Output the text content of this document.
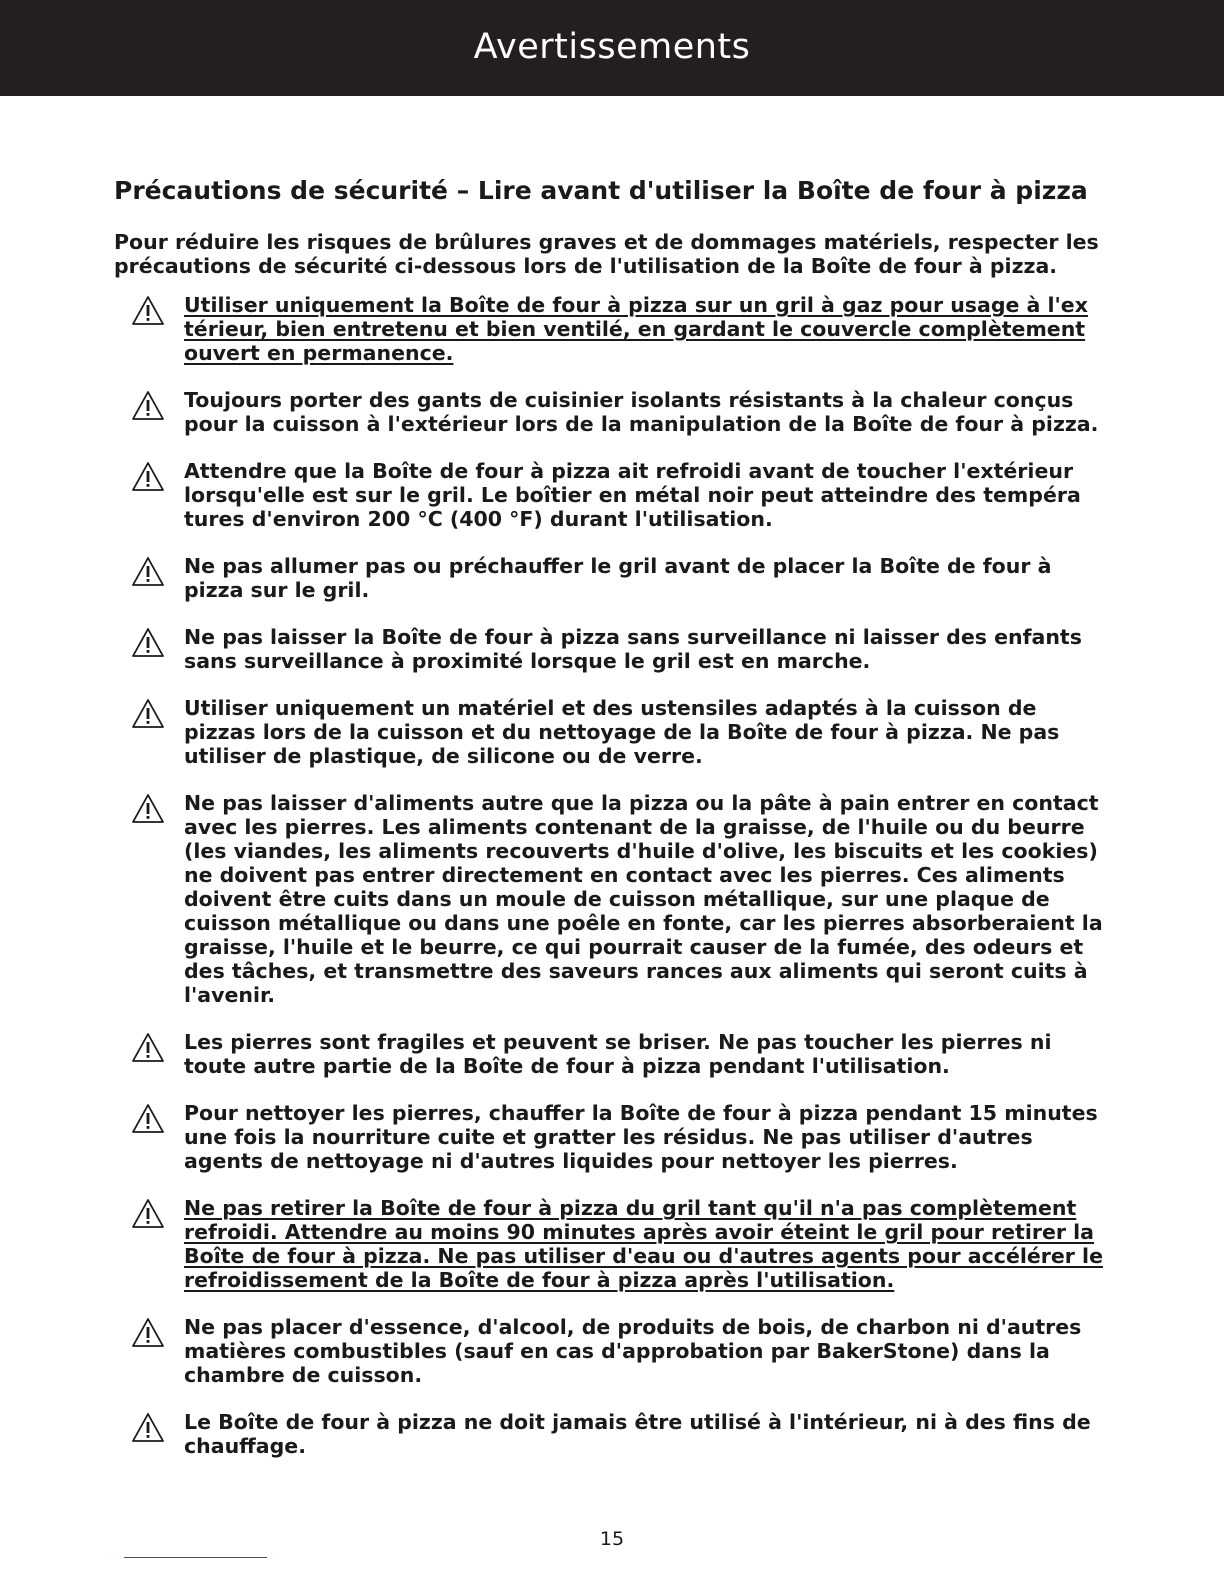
Avertissements
Précautions de sécurité – Lire avant d'utiliser la Boîte de four à pizza

Pour réduire les risques de brûlures graves et de dommages matériels, respecter les précautions de sécurité ci-dessous lors de l'utilisation de la Boîte de four à pizza.

Utiliser uniquement la Boîte de four à pizza sur un gril à gaz pour usage à l'ex térieur, bien entretenu et bien ventilé, en gardant le couvercle complètement ouvert en permanence.

Toujours porter des gants de cuisinier isolants résistants à la chaleur conçus pour la cuisson à l'extérieur lors de la manipulation de la Boîte de four à pizza.

Attendre que la Boîte de four à pizza ait refroidi avant de toucher l'extérieur lorsqu'elle est sur le gril. Le boîtier en métal noir peut atteindre des tempéra tures d'environ 200 °C (400 °F) durant l'utilisation.

Ne pas allumer pas ou préchauffer le gril avant de placer la Boîte de four à pizza sur le gril.

Ne pas laisser la Boîte de four à pizza sans surveillance ni laisser des enfants sans surveillance à proximité lorsque le gril est en marche.

Utiliser uniquement un matériel et des ustensiles adaptés à la cuisson de pizzas lors de la cuisson et du nettoyage de la Boîte de four à pizza. Ne pas utiliser de plastique, de silicone ou de verre.

Ne pas laisser d'aliments autre que la pizza ou la pâte à pain entrer en contact avec les pierres. Les aliments contenant de la graisse, de l'huile ou du beurre (les viandes, les aliments recouverts d'huile d'olive, les biscuits et les cookies) ne doivent pas entrer directement en contact avec les pierres. Ces aliments doivent être cuits dans un moule de cuisson métallique, sur une plaque de cuisson métallique ou dans une poêle en fonte, car les pierres absorberaient la graisse, l'huile et le beurre, ce qui pourrait causer de la fumée, des odeurs et des tâches, et transmettre des saveurs rances aux aliments qui seront cuits à l'avenir.

Les pierres sont fragiles et peuvent se briser. Ne pas toucher les pierres ni toute autre partie de la Boîte de four à pizza pendant l'utilisation.

Pour nettoyer les pierres, chauffer la Boîte de four à pizza pendant 15 minutes une fois la nourriture cuite et gratter les résidus. Ne pas utiliser d'autres agents de nettoyage ni d'autres liquides pour nettoyer les pierres.

Ne pas retirer la Boîte de four à pizza du gril tant qu'il n'a pas complètement refroidi. Attendre au moins 90 minutes après avoir éteint le gril pour retirer la Boîte de four à pizza. Ne pas utiliser d'eau ou d'autres agents pour accélérer le refroidissement de la Boîte de four à pizza après l'utilisation.

Ne pas placer d'essence, d'alcool, de produits de bois, de charbon ni d'autres matières combustibles (sauf en cas d'approbation par BakerStone) dans la chambre de cuisson.

Le Boîte de four à pizza ne doit jamais être utilisé à l'intérieur, ni à des fins de chauffage.

15
